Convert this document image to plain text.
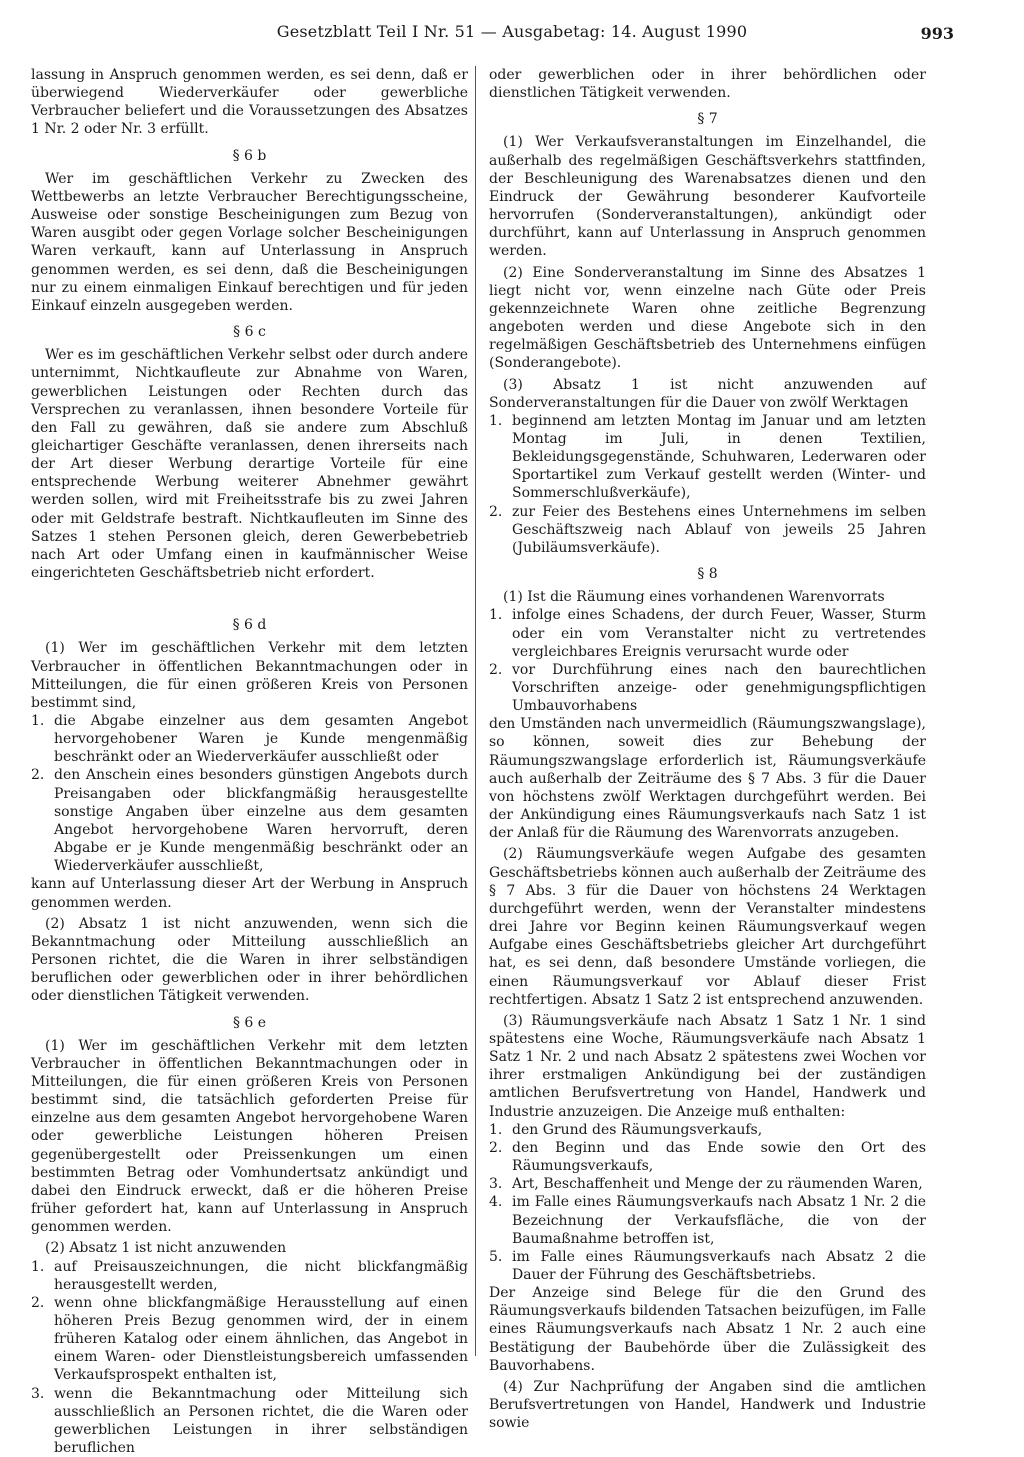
Gesetzblatt Teil I Nr. 51 — Ausgabetag: 14. August 1990	993

lassung in Anspruch genommen werden, es sei denn, daß er überwiegend Wiederverkäufer oder gewerbliche Verbraucher beliefert und die Voraussetzungen des Absatzes 1 Nr. 2 oder Nr. 3 erfüllt.

§ 6 b

Wer im geschäftlichen Verkehr zu Zwecken des Wettbewerbs an letzte Verbraucher Berechtigungsscheine, Ausweise oder sonstige Bescheinigungen zum Bezug von Waren ausgibt oder gegen Vorlage solcher Bescheinigungen Waren verkauft, kann auf Unterlassung in Anspruch genommen werden, es sei denn, daß die Bescheinigungen nur zu einem einmaligen Einkauf berechtigen und für jeden Einkauf einzeln ausgegeben werden.

§ 6 c

Wer es im geschäftlichen Verkehr selbst oder durch andere unternimmt, Nichtkaufleute zur Abnahme von Waren, gewerblichen Leistungen oder Rechten durch das Versprechen zu veranlassen, ihnen besondere Vorteile für den Fall zu gewähren, daß sie andere zum Abschluß gleichartiger Geschäfte veranlassen, denen ihrerseits nach der Art dieser Werbung derartige Vorteile für eine entsprechende Werbung weiterer Abnehmer gewährt werden sollen, wird mit Freiheitsstrafe bis zu zwei Jahren oder mit Geldstrafe bestraft. Nichtkaufleuten im Sinne des Satzes 1 stehen Personen gleich, deren Gewerbebetrieb nach Art oder Umfang einen in kaufmännischer Weise eingerichteten Geschäftsbetrieb nicht erfordert.

§ 6 d

(1) Wer im geschäftlichen Verkehr mit dem letzten Verbraucher in öffentlichen Bekanntmachungen oder in Mitteilungen, die für einen größeren Kreis von Personen bestimmt sind,

1. die Abgabe einzelner aus dem gesamten Angebot hervorgehobener Waren je Kunde mengenmäßig beschränkt oder an Wiederverkäufer ausschließt oder
2. den Anschein eines besonders günstigen Angebots durch Preisangaben oder blickfangmäßig herausgestellte sonstige Angaben über einzelne aus dem gesamten Angebot hervorgehobene Waren hervorruft, deren Abgabe er je Kunde mengenmäßig beschränkt oder an Wiederverkäufer ausschließt,

kann auf Unterlassung dieser Art der Werbung in Anspruch genommen werden.

(2) Absatz 1 ist nicht anzuwenden, wenn sich die Bekanntmachung oder Mitteilung ausschließlich an Personen richtet, die die Waren in ihrer selbständigen beruflichen oder gewerblichen oder in ihrer behördlichen oder dienstlichen Tätigkeit verwenden.

§ 6 e

(1) Wer im geschäftlichen Verkehr mit dem letzten Verbraucher in öffentlichen Bekanntmachungen oder in Mitteilungen, die für einen größeren Kreis von Personen bestimmt sind, die tatsächlich geforderten Preise für einzelne aus dem gesamten Angebot hervorgehobene Waren oder gewerbliche Leistungen höheren Preisen gegenübergestellt oder Preissenkungen um einen bestimmten Betrag oder Vomhundertsatz ankündigt und dabei den Eindruck erweckt, daß er die höheren Preise früher gefordert hat, kann auf Unterlassung in Anspruch genommen werden.

(2) Absatz 1 ist nicht anzuwenden

1. auf Preisauszeichnungen, die nicht blickfangmäßig herausgestellt werden,
2. wenn ohne blickfangmäßige Herausstellung auf einen höheren Preis Bezug genommen wird, der in einem früheren Katalog oder einem ähnlichen, das Angebot in einem Waren- oder Dienstleistungsbereich umfassenden Verkaufsprospekt enthalten ist,
3. wenn die Bekanntmachung oder Mitteilung sich ausschließlich an Personen richtet, die die Waren oder gewerblichen Leistungen in ihrer selbständigen beruflichen

oder gewerblichen oder in ihrer behördlichen oder dienstlichen Tätigkeit verwenden.

§ 7

(1) Wer Verkaufsveranstaltungen im Einzelhandel, die außerhalb des regelmäßigen Geschäftsverkehrs stattfinden, der Beschleunigung des Warenabsatzes dienen und den Eindruck der Gewährung besonderer Kaufvorteile hervorrufen (Sonderveranstaltungen), ankündigt oder durchführt, kann auf Unterlassung in Anspruch genommen werden.

(2) Eine Sonderveranstaltung im Sinne des Absatzes 1 liegt nicht vor, wenn einzelne nach Güte oder Preis gekennzeichnete Waren ohne zeitliche Begrenzung angeboten werden und diese Angebote sich in den regelmäßigen Geschäftsbetrieb des Unternehmens einfügen (Sonderangebote).

(3) Absatz 1 ist nicht anzuwenden auf Sonderveranstaltungen für die Dauer von zwölf Werktagen

1. beginnend am letzten Montag im Januar und am letzten Montag im Juli, in denen Textilien, Bekleidungsgegenstände, Schuhwaren, Lederwaren oder Sportartikel zum Verkauf gestellt werden (Winter- und Sommerschlußverkäufe),
2. zur Feier des Bestehens eines Unternehmens im selben Geschäftszweig nach Ablauf von jeweils 25 Jahren (Jubiläumsverkäufe).

§ 8

(1) Ist die Räumung eines vorhandenen Warenvorrats

1. infolge eines Schadens, der durch Feuer, Wasser, Sturm oder ein vom Veranstalter nicht zu vertretendes vergleichbares Ereignis verursacht wurde oder
2. vor Durchführung eines nach den baurechtlichen Vorschriften anzeige- oder genehmigungspflichtigen Umbauvorhabens

den Umständen nach unvermeidlich (Räumungszwangslage), so können, soweit dies zur Behebung der Räumungszwangslage erforderlich ist, Räumungsverkäufe auch außerhalb der Zeiträume des § 7 Abs. 3 für die Dauer von höchstens zwölf Werktagen durchgeführt werden. Bei der Ankündigung eines Räumungsverkaufs nach Satz 1 ist der Anlaß für die Räumung des Warenvorrats anzugeben.

(2) Räumungsverkäufe wegen Aufgabe des gesamten Geschäftsbetriebs können auch außerhalb der Zeiträume des § 7 Abs. 3 für die Dauer von höchstens 24 Werktagen durchgeführt werden, wenn der Veranstalter mindestens drei Jahre vor Beginn keinen Räumungsverkauf wegen Aufgabe eines Geschäftsbetriebs gleicher Art durchgeführt hat, es sei denn, daß besondere Umstände vorliegen, die einen Räumungsverkauf vor Ablauf dieser Frist rechtfertigen. Absatz 1 Satz 2 ist entsprechend anzuwenden.

(3) Räumungsverkäufe nach Absatz 1 Satz 1 Nr. 1 sind spätestens eine Woche, Räumungsverkäufe nach Absatz 1 Satz 1 Nr. 2 und nach Absatz 2 spätestens zwei Wochen vor ihrer erstmaligen Ankündigung bei der zuständigen amtlichen Berufsvertretung von Handel, Handwerk und Industrie anzuzeigen. Die Anzeige muß enthalten:

1. den Grund des Räumungsverkaufs,
2. den Beginn und das Ende sowie den Ort des Räumungsverkaufs,
3. Art, Beschaffenheit und Menge der zu räumenden Waren,
4. im Falle eines Räumungsverkaufs nach Absatz 1 Nr. 2 die Bezeichnung der Verkaufsfläche, die von der Baumaßnahme betroffen ist,
5. im Falle eines Räumungsverkaufs nach Absatz 2 die Dauer der Führung des Geschäftsbetriebs.

Der Anzeige sind Belege für die den Grund des Räumungsverkaufs bildenden Tatsachen beizufügen, im Falle eines Räumungsverkaufs nach Absatz 1 Nr. 2 auch eine Bestätigung der Baubehörde über die Zulässigkeit des Bauvorhabens.

(4) Zur Nachprüfung der Angaben sind die amtlichen Berufsvertretungen von Handel, Handwerk und Industrie sowie
